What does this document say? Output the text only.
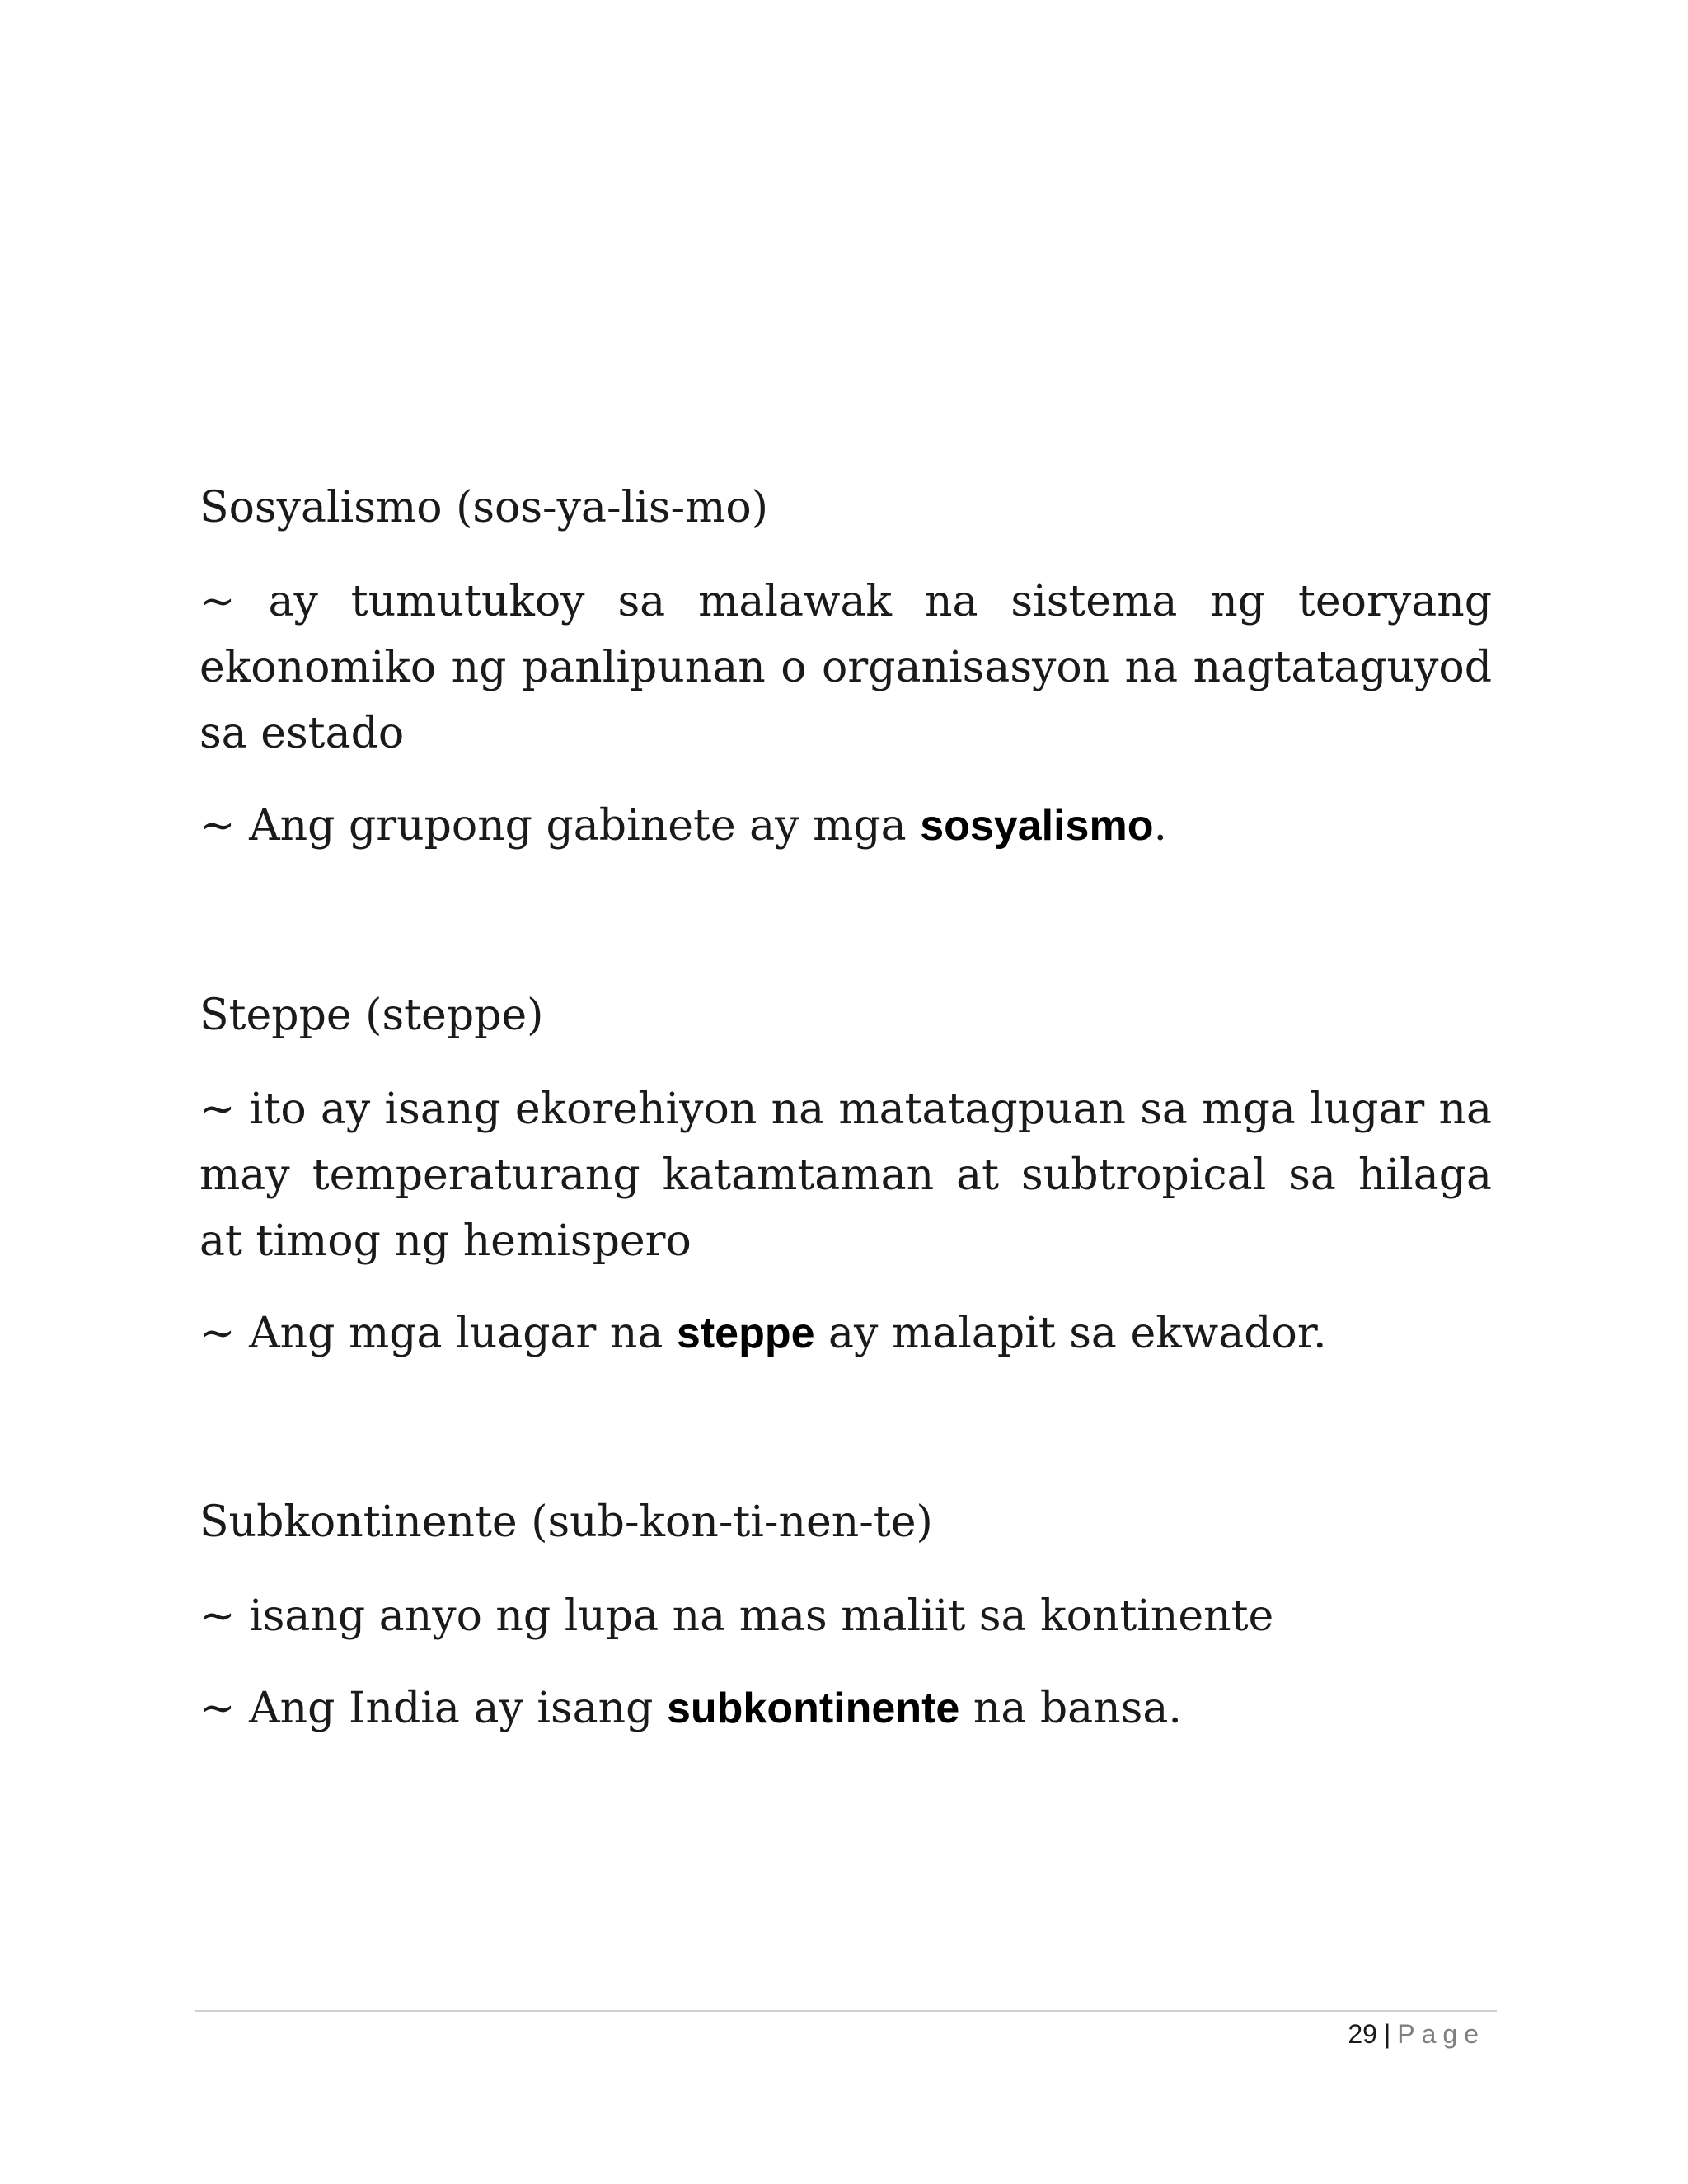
Sosyalismo (sos-ya-lis-mo)

~ ay tumutukoy sa malawak na sistema ng teoryang ekonomiko ng panlipunan o organisasyon na nagtataguyod sa estado

~ Ang grupong gabinete ay mga sosyalismo.

Steppe (steppe)

~ ito ay isang ekorehiyon na matatagpuan sa mga lugar na may temperaturang katamtaman at subtropical sa hilaga at timog ng hemispero

~ Ang mga luagar na steppe ay malapit sa ekwador.

Subkontinente (sub-kon-ti-nen-te)

~ isang anyo ng lupa na mas maliit sa kontinente

~ Ang India ay isang subkontinente na bansa.

29 | Page
